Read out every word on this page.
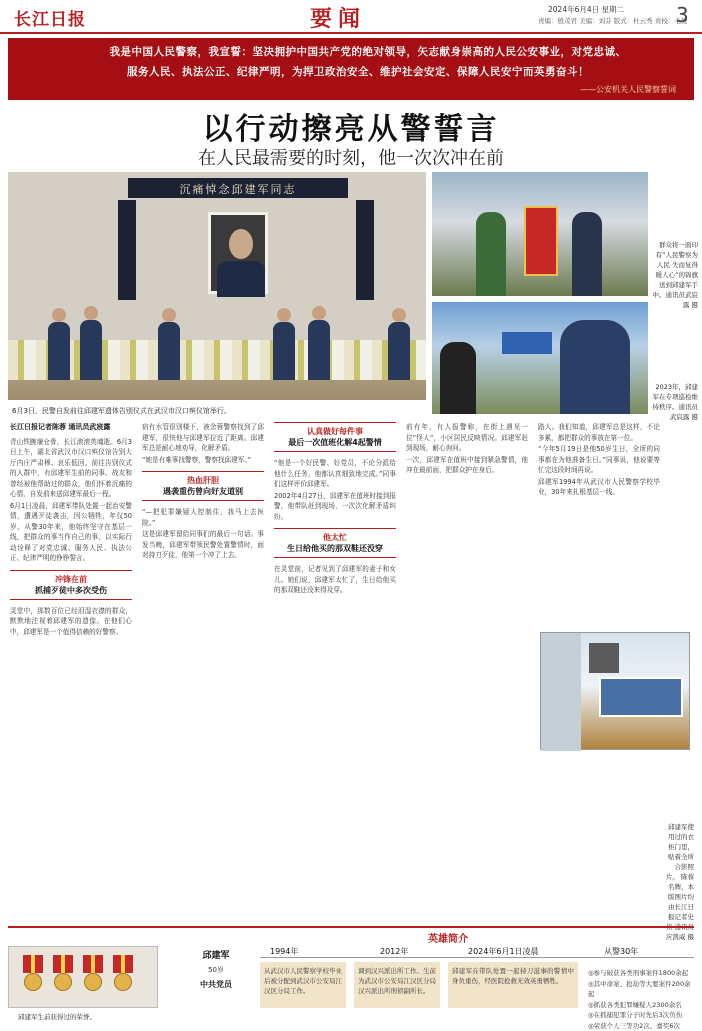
长江日报	要闻	2024年6月4日 星期二
责编：殷茂君 美编：刘芬 版式：杜云秀 责校：毛俊
3
我是中国人民警察，我宣誓：坚决拥护中国共产党的绝对领导，矢志献身崇高的人民公安事业，对党忠诚、
服务人民、执法公正、纪律严明，为捍卫政治安全、维护社会安定、保障人民安宁而英勇奋斗！
——公安机关人民警察誓词
以行动擦亮从警誓言
在人民最需要的时刻，他一次次冲在前
沉痛悼念邱建军同志
6月3日，民警自发前往邱建军遗体告别仪式在武汉市汉口殡仪馆举行。
群众将一面印有“人民警察为人民 失而复得暖人心”的锦旗送到邱建军手中。通讯员武宸露 摄
2023年，邱建军在专项巡检维持秩序。通讯员武宸露 摄
长江日报记者陈蓉 通讯员武宸露

青山铁腕堰仓骨，长江滚滚英魂逝。6月3日上午，湖北省武汉市汉口殡仪馆告别大厅内庄严肃穆、哀乐低回。前往告别仪式的人群中，有邱建军生前的同事、战友和曾经被他帮助过的群众，他们怀着沉痛的心情，自发前来送邱建军最后一程。

6月1日凌晨，邱建军带队处置一起治安警情，遭遇歹徒袭击，因公牺牲，年仅50岁。从警30年来，他始终坚守在基层一线，把群众的事当作自己的事，以实际行动诠释了对党忠诚、服务人民、执法公正、纪律严明的铮铮誓言。

冲锋在前
抓捕歹徒中多次受伤

灵堂中，那数百位已经泪湿衣襟的群众，默默地注视着邱建军的遗像。在他们心中，邱建军是一个值得信赖的好警察。

宿有水管很别楼下，被余蓉警察找到了邱建军，很快他与邱建军拉近了距离。邱建军总是耐心地劝导，化解矛盾。

“她是有难事找警察，警察找邱建军。”

热血肝胆
遇袭重伤曾向好友道别

“—把犯罪嫌疑人控制住，我马上去医院。”

这是邱建军留给同事们的最后一句话。事发当晚，邱建军带领民警处置警情时，面对持刀歹徒，他第一个冲了上去。

认真做好每件事
最后一次值班化解4起警情

“他是一个好民警、好党员，不论分派给他什么任务，他都认真细致地完成。”同事们这样评价邱建军。

2002年4月27日，邱建军在值班时接到报警，他带队赶到现场，一次次化解矛盾纠纷。

他太忙
生日给他买的那双鞋还没穿

在灵堂前，记者见到了邱建军的妻子和女儿。她们说，邱建军太忙了，生日给他买的那双鞋还没来得及穿。

前有年，有人报警称，在街上遇见一位“怪人”，小区居民反映情况。邱建军赶到现场，耐心询问。

一次，邱建军在值班中接到紧急警情，他冲在最前面，把群众护在身后。

路人。我们知道，邱建军总是这样，不论多累，都把群众的事放在第一位。

“今年5月19日是他50岁生日，全所的同事都在为他准备生日。”同事说，他说要等忙完这段时间再说。

邱建军1994年从武汉市人民警察学校毕业，30年来扎根基层一线。

邱建军使用过的衣柜门里，贴着全所合影照片。 陈蓉名牌，本版图片均由长江日报记者史伟 通讯员应凯威 摄
英雄简介
邱建军生前获得过的荣誉。
邱建军
50岁
中共党员
1994年	2012年	2024年6月1日凌晨	从警30年
从武汉市人民警察学校毕业后被分配到武汉市公安局江汉区分局工作。
调到汉兴派出所工作。生前为武汉市公安局江汉区分局汉兴派出所刑侦副所长。
邱建军在带队处置一起持刀滋事的警情中身负重伤，经医院抢救无效英勇牺牲。
◎参与破获各类刑事案件1800余起
◎其中命案、抢劫等大要案件200余起
◎抓获各类犯罪嫌疑人2300余名
◎在抓捕犯罪分子时先后3次负伤
◎荣获个人三等功2次、嘉奖6次
